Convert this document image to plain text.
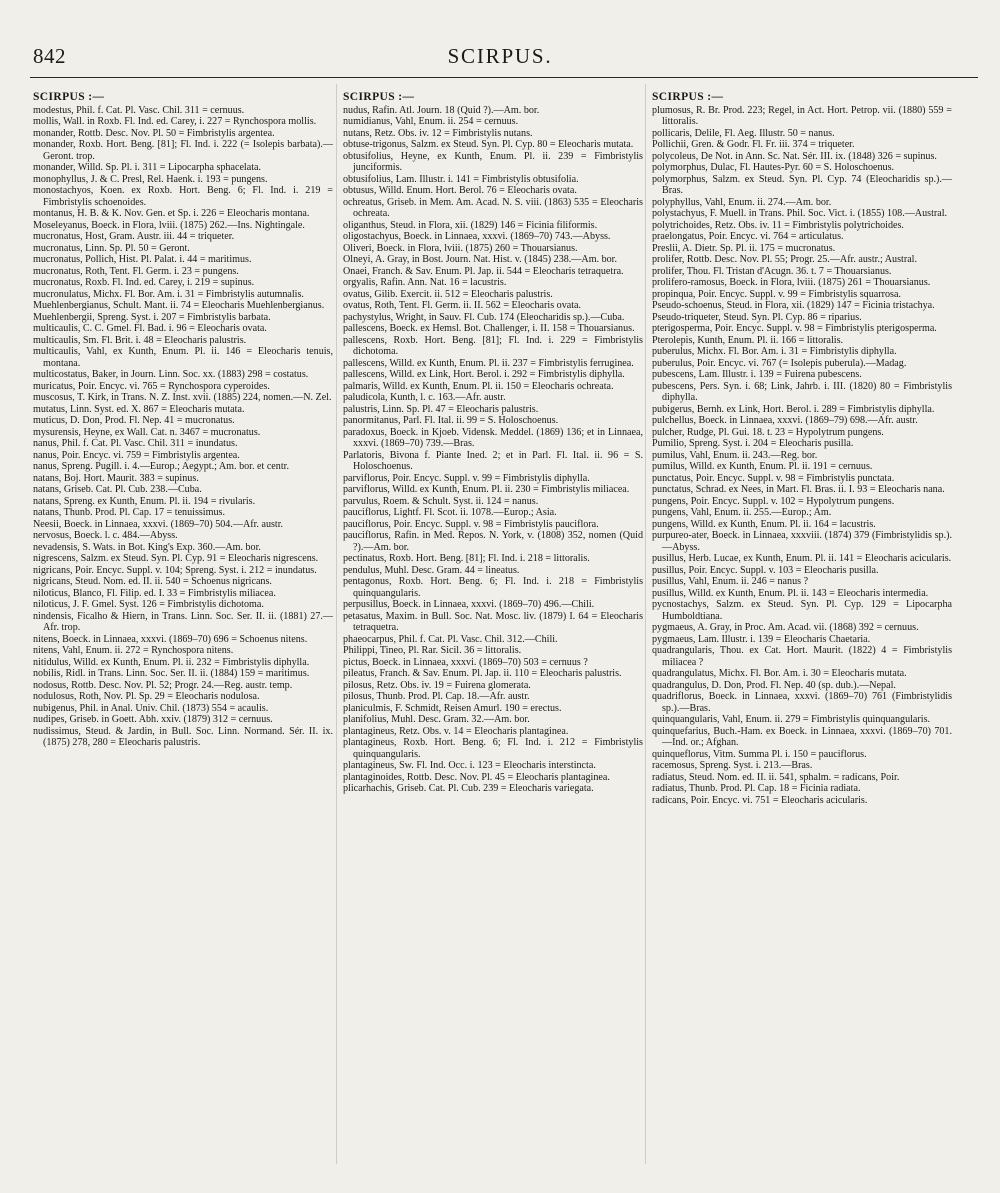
842	SCIRPUS.
SCIRPUS :—
modestus, Phil. f. Cat. Pl. Vasc. Chil. 311 = cernuus.
mollis, Wall. in Roxb. Fl. Ind. ed. Carey, i. 227 = Rynchospora mollis.
monander, Rottb. Desc. Nov. Pl. 50 = Fimbristylis argentea.
monander, Roxb. Hort. Beng. [81]; Fl. Ind. i. 222 (= Isolepis barbata).—Geront. trop.
monander, Willd. Sp. Pl. i. 311 = Lipocarpha sphacelata.
monophyllus, J. & C. Presl, Rel. Haenk. i. 193 = pungens.
monostachyos, Koen. ex Roxb. Hort. Beng. 6; Fl. Ind. i. 219 = Fimbristylis schoenoides.
montanus, H. B. & K. Nov. Gen. et Sp. i. 226 = Eleocharis montana.
Moseleyanus, Boeck. in Flora, lviii. (1875) 262.—Ins. Nightingale.
mucronatus, Host, Gram. Austr. iii. 44 = triqueter.
mucronatus, Linn. Sp. Pl. 50 = Geront.
mucronatus, Pollich, Hist. Pl. Palat. i. 44 = maritimus.
mucronatus, Roth, Tent. Fl. Germ. i. 23 = pungens.
mucronatus, Roxb. Fl. Ind. ed. Carey, i. 219 = supinus.
mucronulatus, Michx. Fl. Bor. Am. i. 31 = Fimbristylis autumnalis.
Muehlenbergianus, Schult. Mant. ii. 74 = Eleocharis Muehlenbergianus.
Muehlenbergii, Spreng. Syst. i. 207 = Fimbristylis barbata.
multicaulis, C. C. Gmel. Fl. Bad. i. 96 = Eleocharis ovata.
multicaulis, Sm. Fl. Brit. i. 48 = Eleocharis palustris.
multicaulis, Vahl, ex Kunth, Enum. Pl. ii. 146 = Eleocharis tenuis, montana.
multicostatus, Baker, in Journ. Linn. Soc. xx. (1883) 298 = costatus.
muricatus, Poir. Encyc. vi. 765 = Rynchospora cyperoides.
muscosus, T. Kirk, in Trans. N. Z. Inst. xvii. (1885) 224, nomen.—N. Zel.
mutatus, Linn. Syst. ed. X. 867 = Eleocharis mutata.
muticus, D. Don, Prod. Fl. Nep. 41 = mucronatus.
mysurensis, Heyne, ex Wall. Cat. n. 3467 = mucronatus.
nanus, Phil. f. Cat. Pl. Vasc. Chil. 311 = inundatus.
nanus, Poir. Encyc. vi. 759 = Fimbristylis argentea.
nanus, Spreng. Pugill. i. 4.—Europ.; Aegypt.; Am. bor. et centr.
natans, Boj. Hort. Maurit. 383 = supinus.
natans, Griseb. Cat. Pl. Cub. 238.—Cuba.
natans, Spreng. ex Kunth, Enum. Pl. ii. 194 = rivularis.
natans, Thunb. Prod. Pl. Cap. 17 = tenuissimus.
Neesii, Boeck. in Linnaea, xxxvi. (1869–70) 504.—Afr. austr.
nervosus, Boeck. l. c. 484.—Abyss.
nevadensis, S. Wats. in Bot. King's Exp. 360.—Am. bor.
nigrescens, Salzm. ex Steud. Syn. Pl. Cyp. 91 = Eleocharis nigrescens.
nigricans, Poir. Encyc. Suppl. v. 104; Spreng. Syst. i. 212 = inundatus.
nigricans, Steud. Nom. ed. II. ii. 540 = Schoenus nigricans.
niloticus, Blanco, Fl. Filip. ed. I. 33 = Fimbristylis miliacea.
niloticus, J. F. Gmel. Syst. 126 = Fimbristylis dichotoma.
nindensis, Ficalho & Hiern, in Trans. Linn. Soc. Ser. II. ii. (1881) 27.—Afr. trop.
nitens, Boeck. in Linnaea, xxxvi. (1869–70) 696 = Schoenus nitens.
nitens, Vahl, Enum. ii. 272 = Rynchospora nitens.
nitidulus, Willd. ex Kunth, Enum. Pl. ii. 232 = Fimbristylis diphylla.
nobilis, Ridl. in Trans. Linn. Soc. Ser. II. ii. (1884) 159 = maritimus.
nodosus, Rottb. Desc. Nov. Pl. 52; Progr. 24.—Reg. austr. temp.
nodulosus, Roth, Nov. Pl. Sp. 29 = Eleocharis nodulosa.
nubigenus, Phil. in Anal. Univ. Chil. (1873) 554 = acaulis.
nudipes, Griseb. in Goett. Abh. xxiv. (1879) 312 = cernuus.
nudissimus, Steud. & Jardin, in Bull. Soc. Linn. Normand. Sér. II. ix. (1875) 278, 280 = Eleocharis palustris.
SCIRPUS :—
nudus, Rafin. Atl. Journ. 18 (Quid ?).—Am. bor.
numidianus, Vahl, Enum. ii. 254 = cernuus.
nutans, Retz. Obs. iv. 12 = Fimbristylis nutans.
obtuse-trigonus, Salzm. ex Steud. Syn. Pl. Cyp. 80 = Eleocharis mutata.
obtusifolius, Heyne, ex Kunth, Enum. Pl. ii. 239 = Fimbristylis junciformis.
obtusifolius, Lam. Illustr. i. 141 = Fimbristylis obtusifolia.
obtusus, Willd. Enum. Hort. Berol. 76 = Eleocharis ovata.
ochreatus, Griseb. in Mem. Am. Acad. N. S. viii. (1863) 535 = Eleocharis ochreata.
oliganthus, Steud. in Flora, xii. (1829) 146 = Ficinia filiformis.
oligostachyus, Boeck. in Linnaea, xxxvi. (1869–70) 743.—Abyss.
Oliveri, Boeck. in Flora, lviii. (1875) 260 = Thouarsianus.
Olneyi, A. Gray, in Bost. Journ. Nat. Hist. v. (1845) 238.—Am. bor.
Onaei, Franch. & Sav. Enum. Pl. Jap. ii. 544 = Eleocharis tetraquetra.
orgyalis, Rafin. Ann. Nat. 16 = lacustris.
ovatus, Gilib. Exercit. ii. 512 = Eleocharis palustris.
ovatus, Roth, Tent. Fl. Germ. ii. II. 562 = Eleocharis ovata.
pachystylus, Wright, in Sauv. Fl. Cub. 174 (Eleocharidis sp.).—Cuba.
pallescens, Boeck. ex Hemsl. Bot. Challenger, i. II. 158 = Thouarsianus.
pallescens, Roxb. Hort. Beng. [81]; Fl. Ind. i. 229 = Fimbristylis dichotoma.
pallescens, Willd. ex Kunth, Enum. Pl. ii. 237 = Fimbristylis ferruginea.
pallescens, Willd. ex Link, Hort. Berol. i. 292 = Fimbristylis diphylla.
palmaris, Willd. ex Kunth, Enum. Pl. ii. 150 = Eleocharis ochreata.
paludicola, Kunth, l. c. 163.—Afr. austr.
palustris, Linn. Sp. Pl. 47 = Eleocharis palustris.
panormitanus, Parl. Fl. Ital. ii. 99 = S. Holoschoenus.
paradoxus, Boeck. in Kjoeb. Vidensk. Meddel. (1869) 136; et in Linnaea, xxxvi. (1869–70) 739.—Bras.
Parlatoris, Bivona f. Piante Ined. 2; et in Parl. Fl. Ital. ii. 96 = S. Holoschoenus.
parviflorus, Poir. Encyc. Suppl. v. 99 = Fimbristylis diphylla.
parviflorus, Willd. ex Kunth, Enum. Pl. ii. 230 = Fimbristylis miliacea.
parvulus, Roem. & Schult. Syst. ii. 124 = nanus.
pauciflorus, Lightf. Fl. Scot. ii. 1078.—Europ.; Asia.
pauciflorus, Poir. Encyc. Suppl. v. 98 = Fimbristylis pauciflora.
pauciflorus, Rafin. in Med. Repos. N. York, v. (1808) 352, nomen (Quid ?).—Am. bor.
pectinatus, Roxb. Hort. Beng. [81]; Fl. Ind. i. 218 = littoralis.
pendulus, Muhl. Desc. Gram. 44 = lineatus.
pentagonus, Roxb. Hort. Beng. 6; Fl. Ind. i. 218 = Fimbristylis quinquangularis.
perpusillus, Boeck. in Linnaea, xxxvi. (1869–70) 496.—Chili.
petasatus, Maxim. in Bull. Soc. Nat. Mosc. liv. (1879) I. 64 = Eleocharis tetraquetra.
phaeocarpus, Phil. f. Cat. Pl. Vasc. Chil. 312.—Chili.
Philippi, Tineo, Pl. Rar. Sicil. 36 = littoralis.
pictus, Boeck. in Linnaea, xxxvi. (1869–70) 503 = cernuus ?
pileatus, Franch. & Sav. Enum. Pl. Jap. ii. 110 = Eleocharis palustris.
pilosus, Retz. Obs. iv. 19 = Fuirena glomerata.
pilosus, Thunb. Prod. Pl. Cap. 18.—Afr. austr.
planiculmis, F. Schmidt, Reisen Amurl. 190 = erectus.
planifolius, Muhl. Desc. Gram. 32.—Am. bor.
plantagineus, Retz. Obs. v. 14 = Eleocharis plantaginea.
plantagineus, Roxb. Hort. Beng. 6; Fl. Ind. i. 212 = Fimbristylis quinquangularis.
plantagineus, Sw. Fl. Ind. Occ. i. 123 = Eleocharis interstincta.
plantaginoides, Rottb. Desc. Nov. Pl. 45 = Eleocharis plantaginea.
plicarhachis, Griseb. Cat. Pl. Cub. 239 = Eleocharis variegata.
SCIRPUS :—
plumosus, R. Br. Prod. 223; Regel, in Act. Hort. Petrop. vii. (1880) 559 = littoralis.
pollicaris, Delile, Fl. Aeg. Illustr. 50 = nanus.
Pollichii, Gren. & Godr. Fl. Fr. iii. 374 = triqueter.
polycoleus, De Not. in Ann. Sc. Nat. Sér. III. ix. (1848) 326 = supinus.
polymorphus, Dulac, Fl. Hautes-Pyr. 60 = S. Holoschoenus.
polymorphus, Salzm. ex Steud. Syn. Pl. Cyp. 74 (Eleocharidis sp.).—Bras.
polyphyllus, Vahl, Enum. ii. 274.—Am. bor.
polystachyus, F. Muell. in Trans. Phil. Soc. Vict. i. (1855) 108.—Austral.
polytrichoides, Retz. Obs. iv. 11 = Fimbristylis polytrichoides.
praelongatus, Poir. Encyc. vi. 764 = articulatus.
Preslii, A. Dietr. Sp. Pl. ii. 175 = mucronatus.
prolifer, Rottb. Desc. Nov. Pl. 55; Progr. 25.—Afr. austr.; Austral.
prolifer, Thou. Fl. Tristan d'Acugn. 36. t. 7 = Thouarsianus.
prolifero-ramosus, Boeck. in Flora, lviii. (1875) 261 = Thouarsianus.
propinqua, Poir. Encyc. Suppl. v. 99 = Fimbristylis squarrosa.
Pseudo-schoenus, Steud. in Flora, xii. (1829) 147 = Ficinia tristachya.
Pseudo-triqueter, Steud. Syn. Pl. Cyp. 86 = riparius.
pterigosperma, Poir. Encyc. Suppl. v. 98 = Fimbristylis pterigosperma.
Pterolepis, Kunth, Enum. Pl. ii. 166 = littoralis.
puberulus, Michx. Fl. Bor. Am. i. 31 = Fimbristylis diphylla.
puberulus, Poir. Encyc. vi. 767 (= Isolepis puberula).—Madag.
pubescens, Lam. Illustr. i. 139 = Fuirena pubescens.
pubescens, Pers. Syn. i. 68; Link, Jahrb. i. III. (1820) 80 = Fimbristylis diphylla.
pubigerus, Bernh. ex Link, Hort. Berol. i. 289 = Fimbristylis diphylla.
pulchellus, Boeck. in Linnaea, xxxvi. (1869–79) 698.—Afr. austr.
pulcher, Rudge, Pl. Gui. 18. t. 23 = Hypolytrum pungens.
Pumilio, Spreng. Syst. i. 204 = Eleocharis pusilla.
pumilus, Vahl, Enum. ii. 243.—Reg. bor.
pumilus, Willd. ex Kunth, Enum. Pl. ii. 191 = cernuus.
punctatus, Poir. Encyc. Suppl. v. 98 = Fimbristylis punctata.
punctatus, Schrad. ex Nees, in Mart. Fl. Bras. ii. I. 93 = Eleocharis nana.
pungens, Poir. Encyc. Suppl. v. 102 = Hypolytrum pungens.
pungens, Vahl, Enum. ii. 255.—Europ.; Am.
pungens, Willd. ex Kunth, Enum. Pl. ii. 164 = lacustris.
purpureo-ater, Boeck. in Linnaea, xxxviii. (1874) 379 (Fimbristylidis sp.).—Abyss.
pusillus, Herb. Lucae, ex Kunth, Enum. Pl. ii. 141 = Eleocharis acicularis.
pusillus, Poir. Encyc. Suppl. v. 103 = Eleocharis pusilla.
pusillus, Vahl, Enum. ii. 246 = nanus ?
pusillus, Willd. ex Kunth, Enum. Pl. ii. 143 = Eleocharis intermedia.
pycnostachys, Salzm. ex Steud. Syn. Pl. Cyp. 129 = Lipocarpha Humboldtiana.
pygmaeus, A. Gray, in Proc. Am. Acad. vii. (1868) 392 = cernuus.
pygmaeus, Lam. Illustr. i. 139 = Eleocharis Chaetaria.
quadrangularis, Thou. ex Cat. Hort. Maurit. (1822) 4 = Fimbristylis miliacea ?
quadrangulatus, Michx. Fl. Bor. Am. i. 30 = Eleocharis mutata.
quadrangulus, D. Don, Prod. Fl. Nep. 40 (sp. dub.).—Nepal.
quadriflorus, Boeck. in Linnaea, xxxvi. (1869–70) 761 (Fimbristylidis sp.).—Bras.
quinquangularis, Vahl, Enum. ii. 279 = Fimbristylis quinquangularis.
quinquefarius, Buch.-Ham. ex Boeck. in Linnaea, xxxvi. (1869–70) 701.—Ind. or.; Afghan.
quinqueflorus, Vitm. Summa Pl. i. 150 = pauciflorus.
racemosus, Spreng. Syst. i. 213.—Bras.
radiatus, Steud. Nom. ed. II. ii. 541, sphalm. = radicans, Poir.
radiatus, Thunb. Prod. Pl. Cap. 18 = Ficinia radiata.
radicans, Poir. Encyc. vi. 751 = Eleocharis acicularis.
